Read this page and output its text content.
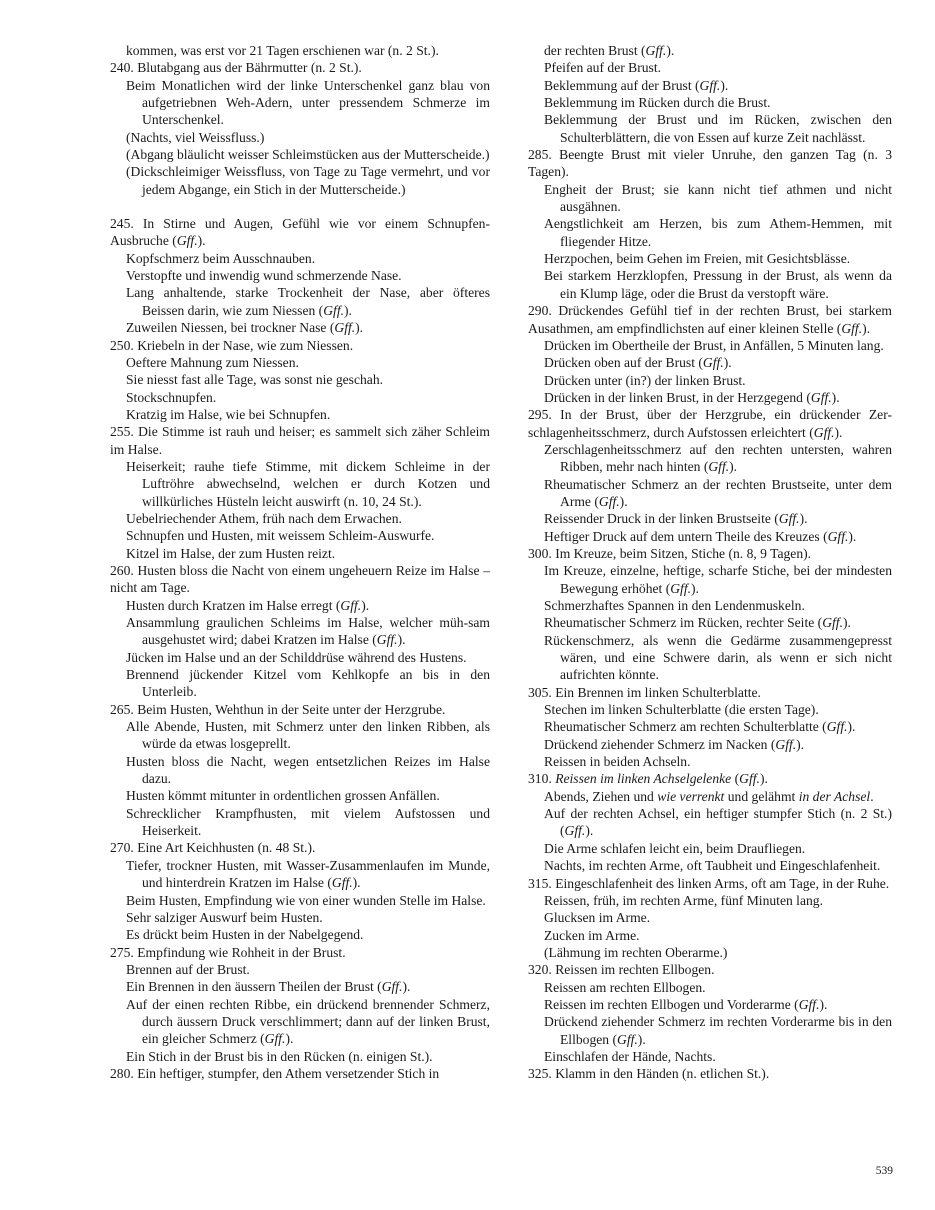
kommen, was erst vor 21 Tagen erschienen war (n. 2 St.).

240. Blutabgang aus der Bährmutter (n. 2 St.).

Beim Monatlichen wird der linke Unterschenkel ganz blau von aufgetriebnen Weh-Adern, unter pressendem Schmerze im Unterschenkel.

(Nachts, viel Weissfluss.)

(Abgang bläulicht weisser Schleimstücken aus der Mutterscheide.)

(Dickschleimiger Weissfluss, von Tage zu Tage vermehrt, und vor jedem Abgange, ein Stich in der Mutterscheide.)

245. In Stirne und Augen, Gefühl wie vor einem Schnupfen-Ausbruche (Gff.).

Kopfschmerz beim Ausschnauben.

Verstopfte und inwendig wund schmerzende Nase.

Lang anhaltende, starke Trockenheit der Nase, aber öfteres Beissen darin, wie zum Niessen (Gff.).

Zuweilen Niessen, bei trockner Nase (Gff.).

250. Kriebeln in der Nase, wie zum Niessen.

Oeftere Mahnung zum Niessen.

Sie niesst fast alle Tage, was sonst nie geschah.

Stockschnupfen.

Kratzig im Halse, wie bei Schnupfen.

255. Die Stimme ist rauh und heiser; es sammelt sich zäher Schleim im Halse.

Heiserkeit; rauhe tiefe Stimme, mit dickem Schleime in der Luftröhre abwechselnd, welchen er durch Kotzen und willkürliches Hüsteln leicht auswirft (n. 10, 24 St.).

Uebelriechender Athem, früh nach dem Erwachen.

Schnupfen und Husten, mit weissem Schleim-Auswurfe.

Kitzel im Halse, der zum Husten reizt.

260. Husten bloss die Nacht von einem ungeheuern Reize im Halse – nicht am Tage.

Husten durch Kratzen im Halse erregt (Gff.).

Ansammlung graulichen Schleims im Halse, welcher müh-sam ausgehustet wird; dabei Kratzen im Halse (Gff.).

Jücken im Halse und an der Schilddrüse während des Hustens.

Brennend jückender Kitzel vom Kehlkopfe an bis in den Unterleib.

265. Beim Husten, Wehthun in der Seite unter der Herzgrube.

Alle Abende, Husten, mit Schmerz unter den linken Ribben, als würde da etwas losgeprellt.

Husten bloss die Nacht, wegen entsetzlichen Reizes im Halse dazu.

Husten kömmt mitunter in ordentlichen grossen Anfällen.

Schrecklicher Krampfhusten, mit vielem Aufstossen und Heiserkeit.

270. Eine Art Keichhusten (n. 48 St.).

Tiefer, trockner Husten, mit Wasser-Zusammenlaufen im Munde, und hinterdrein Kratzen im Halse (Gff.).

Beim Husten, Empfindung wie von einer wunden Stelle im Halse.

Sehr salziger Auswurf beim Husten.

Es drückt beim Husten in der Nabelgegend.

275. Empfindung wie Rohheit in der Brust.

Brennen auf der Brust.

Ein Brennen in den äussern Theilen der Brust (Gff.).

Auf der einen rechten Ribbe, ein drückend brennender Schmerz, durch äussern Druck verschlimmert; dann auf der linken Brust, ein gleicher Schmerz (Gff.).

Ein Stich in der Brust bis in den Rücken (n. einigen St.).

280. Ein heftiger, stumpfer, den Athem versetzender Stich in

der rechten Brust (Gff.).

Pfeifen auf der Brust.

Beklemmung auf der Brust (Gff.).

Beklemmung im Rücken durch die Brust.

Beklemmung der Brust und im Rücken, zwischen den Schulterblättern, die von Essen auf kurze Zeit nachlässt.

285. Beengte Brust mit vieler Unruhe, den ganzen Tag (n. 3 Tagen).

Engheit der Brust; sie kann nicht tief athmen und nicht ausgähnen.

Aengstlichkeit am Herzen, bis zum Athem-Hemmen, mit fliegender Hitze.

Herzpochen, beim Gehen im Freien, mit Gesichtsblässe.

Bei starkem Herzklopfen, Pressung in der Brust, als wenn da ein Klump läge, oder die Brust da verstopft wäre.

290. Drückendes Gefühl tief in der rechten Brust, bei starkem Ausathmen, am empfindlichsten auf einer kleinen Stelle (Gff.).

Drücken im Obertheile der Brust, in Anfällen, 5 Minuten lang.

Drücken oben auf der Brust (Gff.).

Drücken unter (in?) der linken Brust.

Drücken in der linken Brust, in der Herzgegend (Gff.).

295. In der Brust, über der Herzgrube, ein drückender Zer-schlagenheitsschmerz, durch Aufstossen erleichtert (Gff.).

Zerschlagenheitsschmerz auf den rechten untersten, wahren Ribben, mehr nach hinten (Gff.).

Rheumatischer Schmerz an der rechten Brustseite, unter dem Arme (Gff.).

Reissender Druck in der linken Brustseite (Gff.).

Heftiger Druck auf dem untern Theile des Kreuzes (Gff.).

300. Im Kreuze, beim Sitzen, Stiche (n. 8, 9 Tagen).

Im Kreuze, einzelne, heftige, scharfe Stiche, bei der mindesten Bewegung erhöhet (Gff.).

Schmerzhaftes Spannen in den Lendenmuskeln.

Rheumatischer Schmerz im Rücken, rechter Seite (Gff.).

Rückenschmerz, als wenn die Gedärme zusammengepresst wären, und eine Schwere darin, als wenn er sich nicht aufrichten könnte.

305. Ein Brennen im linken Schulterblatte.

Stechen im linken Schulterblatte (die ersten Tage).

Rheumatischer Schmerz am rechten Schulterblatte (Gff.).

Drückend ziehender Schmerz im Nacken (Gff.).

Reissen in beiden Achseln.

310. Reissen im linken Achselgelenke (Gff.).

Abends, Ziehen und wie verrenkt und gelähmt in der Achsel.

Auf der rechten Achsel, ein heftiger stumpfer Stich (n. 2 St.) (Gff.).

Die Arme schlafen leicht ein, beim Draufliegen.

Nachts, im rechten Arme, oft Taubheit und Eingeschlafenheit.

315. Eingeschlafenheit des linken Arms, oft am Tage, in der Ruhe.

Reissen, früh, im rechten Arme, fünf Minuten lang.

Glucksen im Arme.

Zucken im Arme.

(Lähmung im rechten Oberarme.)

320. Reissen im rechten Ellbogen.

Reissen am rechten Ellbogen.

Reissen im rechten Ellbogen und Vorderarme (Gff.).

Drückend ziehender Schmerz im rechten Vorderarme bis in den Ellbogen (Gff.).

Einschlafen der Hände, Nachts.

325. Klamm in den Händen (n. etlichen St.).

539
